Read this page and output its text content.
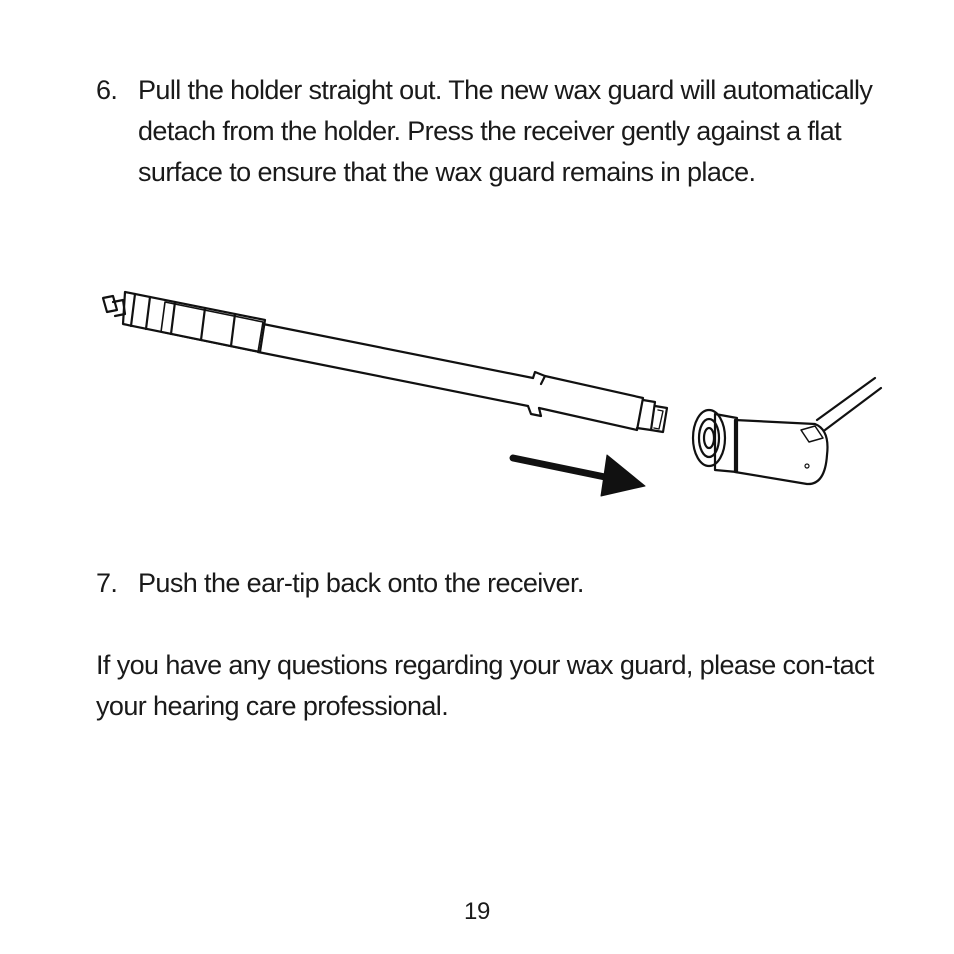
6. Pull the holder straight out. The new wax guard will automatically detach from the holder. Press the receiver gently against a flat surface to ensure that the wax guard remains in place.
7. Push the ear-tip back onto the receiver.
If you have any questions regarding your wax guard, please con-tact your hearing care professional.
19
